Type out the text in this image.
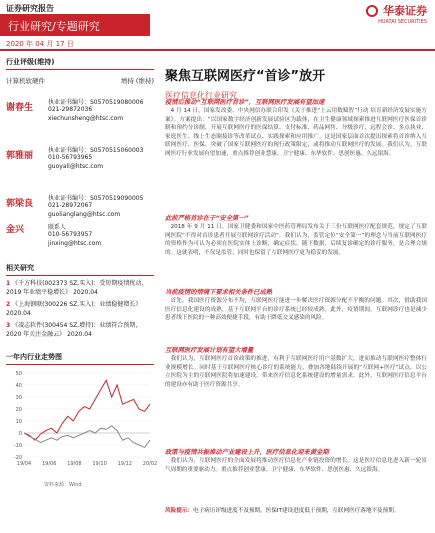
证券研究报告
行业研究/专题研究
2020 年 04 月 17 日
华泰证券
HUATAI SECURITIES
行业评级(维持)
计算机软硬件	增持 (维持)
谢春生
执业证书编号：S0570519080006
021-29872036
xiechunsheng@htsc.com
郭雅丽
执业证书编号：S0570515060003
010-56793965
guoyali@htsc.com
郭梁良
执业证书编号：S0570519090005
021-28972067
guolianglang@htsc.com
金兴	联系人
010-56793957
jinxing@htsc.com
相关研究
1 《千方科技(002373 SZ,买入)：受短期疫情扰动，2019 年业绩平稳增长》 2020.04
2 《上海钢联(300226 SZ,买入)：业绩稳健增长》 2020.04
3 《凌志软件(300454 SZ,增持)：业绩符合预期，2020 年关注金融云》 2020.04
一年内行业走势图
-20
-10
0
10
20
30
40
50
19/04 19/06 19/08 19/10 19/12 20/02
资料来源：Wind
聚焦互联网医疗“首诊”放开
医疗信息化行业研究
疫情后推动“互联网医疗首诊”，互联网医疗发展有望加速

4 月 14 日，国家发改委、中央网信办联合印发《关于推进“上云用数赋智”行动 培育新经济发展实施方案》。方案提出：“以国家数字经济创新发展试验区为载体，在卫生健康领域探索推进互联网医疗医保首诊制和预约分诊制，开展互联网医疗的医保结算、支付标准、药品网售、分级诊疗、远程会诊、多点执业、家庭医生、线上生态圈接诊等改革试点、实践探索和应用推广。这是国家层面首次提出探索将首诊纳入互联网医疗，医保、突破了国家互联网医疗的现行政策限定，或将推动互联网医疗的发展。我们认为，互联网医疗行业发展有望加速，重点推荐创业慧康、卫宁健康、东华软件、思创医惠、久远银海。

此前严格首诊在于“安全第一”

2018 年 9 月 11 日，国家卫健委和国家中医药管理局发布关于三份互联网医疗配套规范，规定了互联网医院“不得对首诊患者开展互联网诊疗活动”。我们认为，监管定位“安全第一”的理念与当前互联网医疗的资格作为可认为必须在医院实体上诊断，确定症状，随下数据，后续复诊确定的诊疗服务，是合理合规的。这就表明，不仅是监管，同时也保留了互联网医疗更为稳妥的发展。

当前疫情的情境下要求相关条件已成熟

首先，我国医疗资源分布不均，互联网医疗能进一步解决医疗资源分配不平衡的问题。其次，借助我国医疗信息化建设的成熟，基于互联网平台的诊疗系统已经较成熟。此外，疫情期间，互联网诊疗也是减少患者线下医院的一种高效便捷手段，有助于降低交叉感染的风险。

互联网医疗发展计划有望大增量

我们认为，互联网医疗首诊政策的推进，有利于互联网医疗用户基数扩大，进而推动互联网医疗整体行业规模增长。同时基于互联网医疗核心诊疗的系统能力，叠加各地陆续开展的“互联网+医疗”试点，以公立医院为主的互联网医院将加速建设，带来医疗信息化系统建设的增量需求。此外，互联网医疗信息平台的建设亦有助于医疗资源共享。

政策与疫情共振推动产业建设上升，医疗信息化迎来黄金期

我们认为，互联网医疗的全面发展将推动医疗信息化产业链投资的增长。这是医疗信息化进入新一轮景气周期的重要驱动力。重点推荐创业慧康、卫宁健康、东华软件、思创医惠、久远银海。

风险提示：电子病历评级进度不及预期，医保IT建设进度低于预期，互联网医疗落地不及预期。
